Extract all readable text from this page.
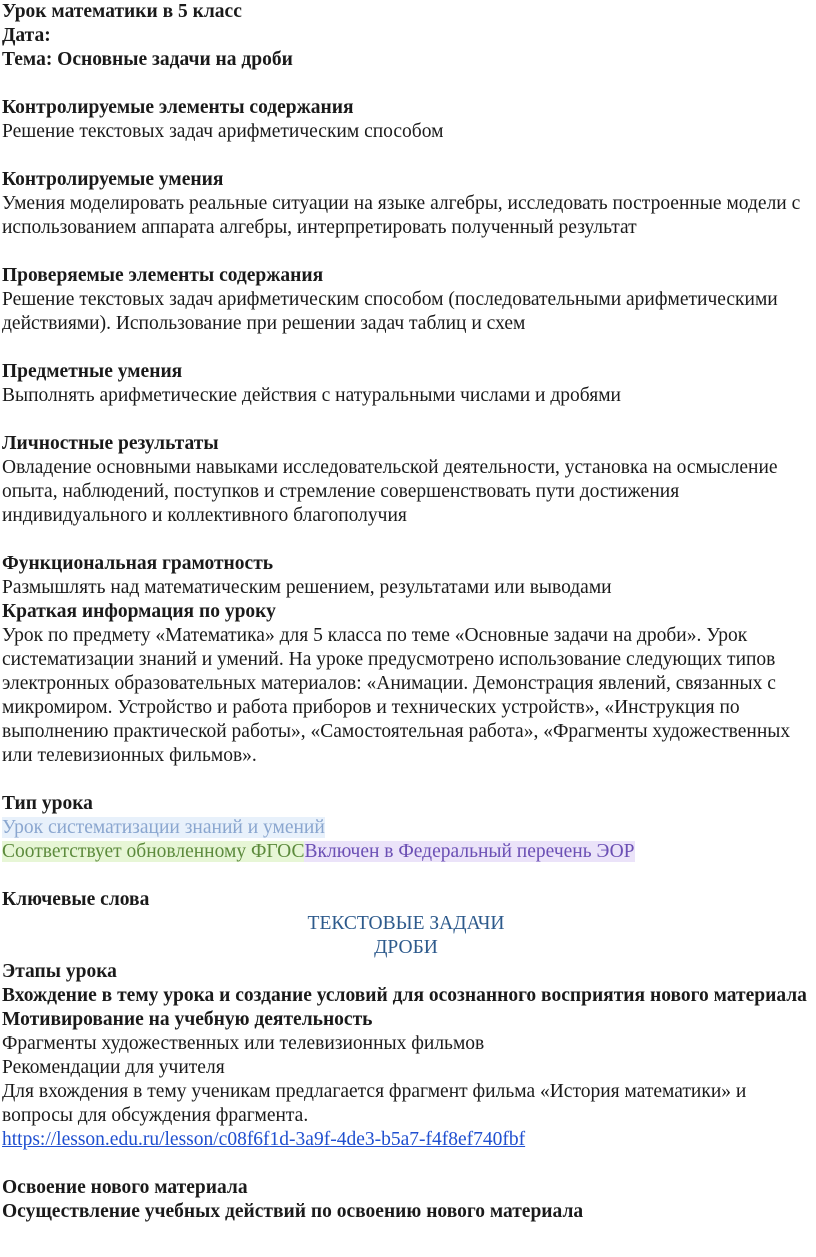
Урок математики в 5 класс

Дата:

Тема: Основные задачи на дроби

Контролируемые элементы содержания

Решение текстовых задач арифметическим способом

Контролируемые умения

Умения моделировать реальные ситуации на языке алгебры, исследовать построенные модели с использованием аппарата алгебры, интерпретировать полученный результат

Проверяемые элементы содержания

Решение текстовых задач арифметическим способом (последовательными арифметическими действиями). Использование при решении задач таблиц и схем

Предметные умения

Выполнять арифметические действия с натуральными числами и дробями

Личностные результаты

Овладение основными навыками исследовательской деятельности, установка на осмысление опыта, наблюдений, поступков и стремление совершенствовать пути достижения индивидуального и коллективного благополучия

Функциональная грамотность

Размышлять над математическим решением, результатами или выводами

Краткая информация по уроку

Урок по предмету «Математика» для 5 класса по теме «Основные задачи на дроби». Урок систематизации знаний и умений. На уроке предусмотрено использование следующих типов электронных образовательных материалов: «Анимации. Демонстрация явлений, связанных с микромиром. Устройство и работа приборов и технических устройств», «Инструкция по выполнению практической работы», «Самостоятельная работа», «Фрагменты художественных или телевизионных фильмов».

Тип урока

Урок систематизации знаний и умений

Соответствует обновленному ФГОСВключен в Федеральный перечень ЭОР

Ключевые слова

ТЕКСТОВЫЕ ЗАДАЧИ

ДРОБИ

Этапы урока

Вхождение в тему урока и создание условий для осознанного восприятия нового материала

Мотивирование на учебную деятельность

Фрагменты художественных или телевизионных фильмов

Рекомендации для учителя

Для вхождения в тему ученикам предлагается фрагмент фильма «История математики» и вопросы для обсуждения фрагмента.

https://lesson.edu.ru/lesson/c08f6f1d-3a9f-4de3-b5a7-f4f8ef740fbf

Освоение нового материала

Осуществление учебных действий по освоению нового материала
